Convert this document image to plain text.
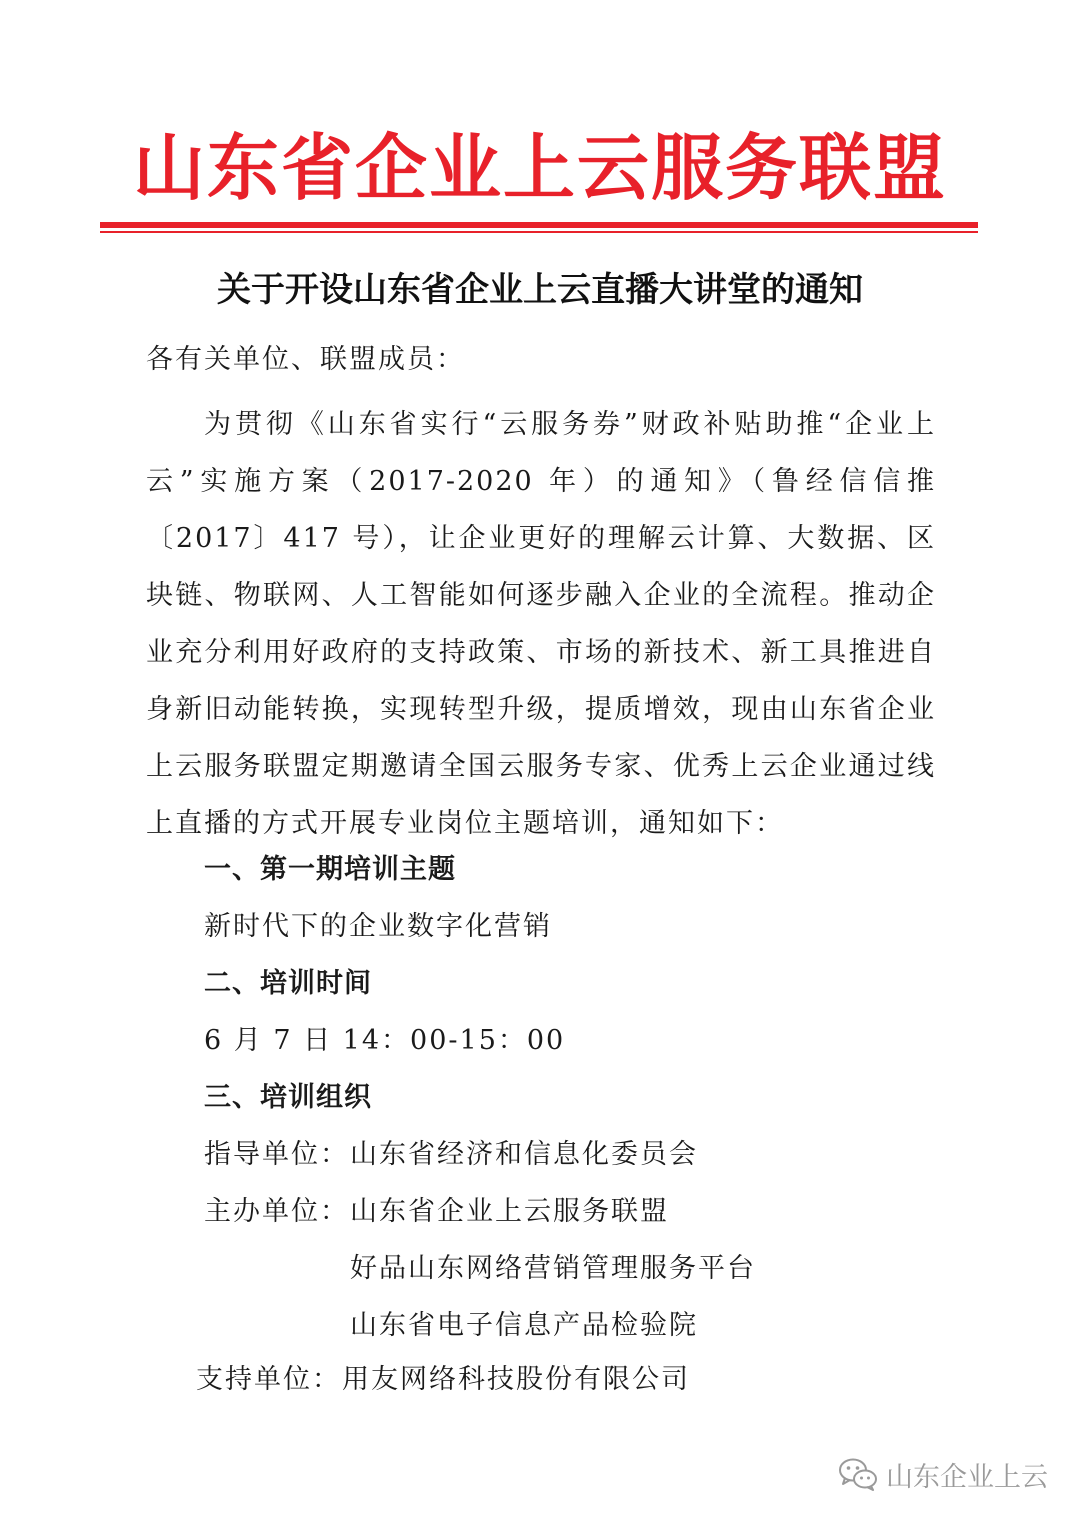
山东省企业上云服务联盟
关于开设山东省企业上云直播大讲堂的通知
各有关单位、联盟成员：
为贯彻《山东省实行“云服务券”财政补贴助推“企业上云”实施方案（2017-2020 年）的通知》（鲁经信信推〔2017〕417 号），让企业更好的理解云计算、大数据、区块链、物联网、人工智能如何逐步融入企业的全流程。推动企业充分利用好政府的支持政策、市场的新技术、新工具推进自身新旧动能转换，实现转型升级，提质增效，现由山东省企业上云服务联盟定期邀请全国云服务专家、优秀上云企业通过线上直播的方式开展专业岗位主题培训，通知如下：
一、第一期培训主题
新时代下的企业数字化营销
二、培训时间
6 月 7 日 14：00-15：00
三、培训组织
指导单位： 山东省经济和信息化委员会
主办单位： 山东省企业上云服务联盟
好品山东网络营销管理服务平台
山东省电子信息产品检验院
支持单位： 用友网络科技股份有限公司
山东企业上云
